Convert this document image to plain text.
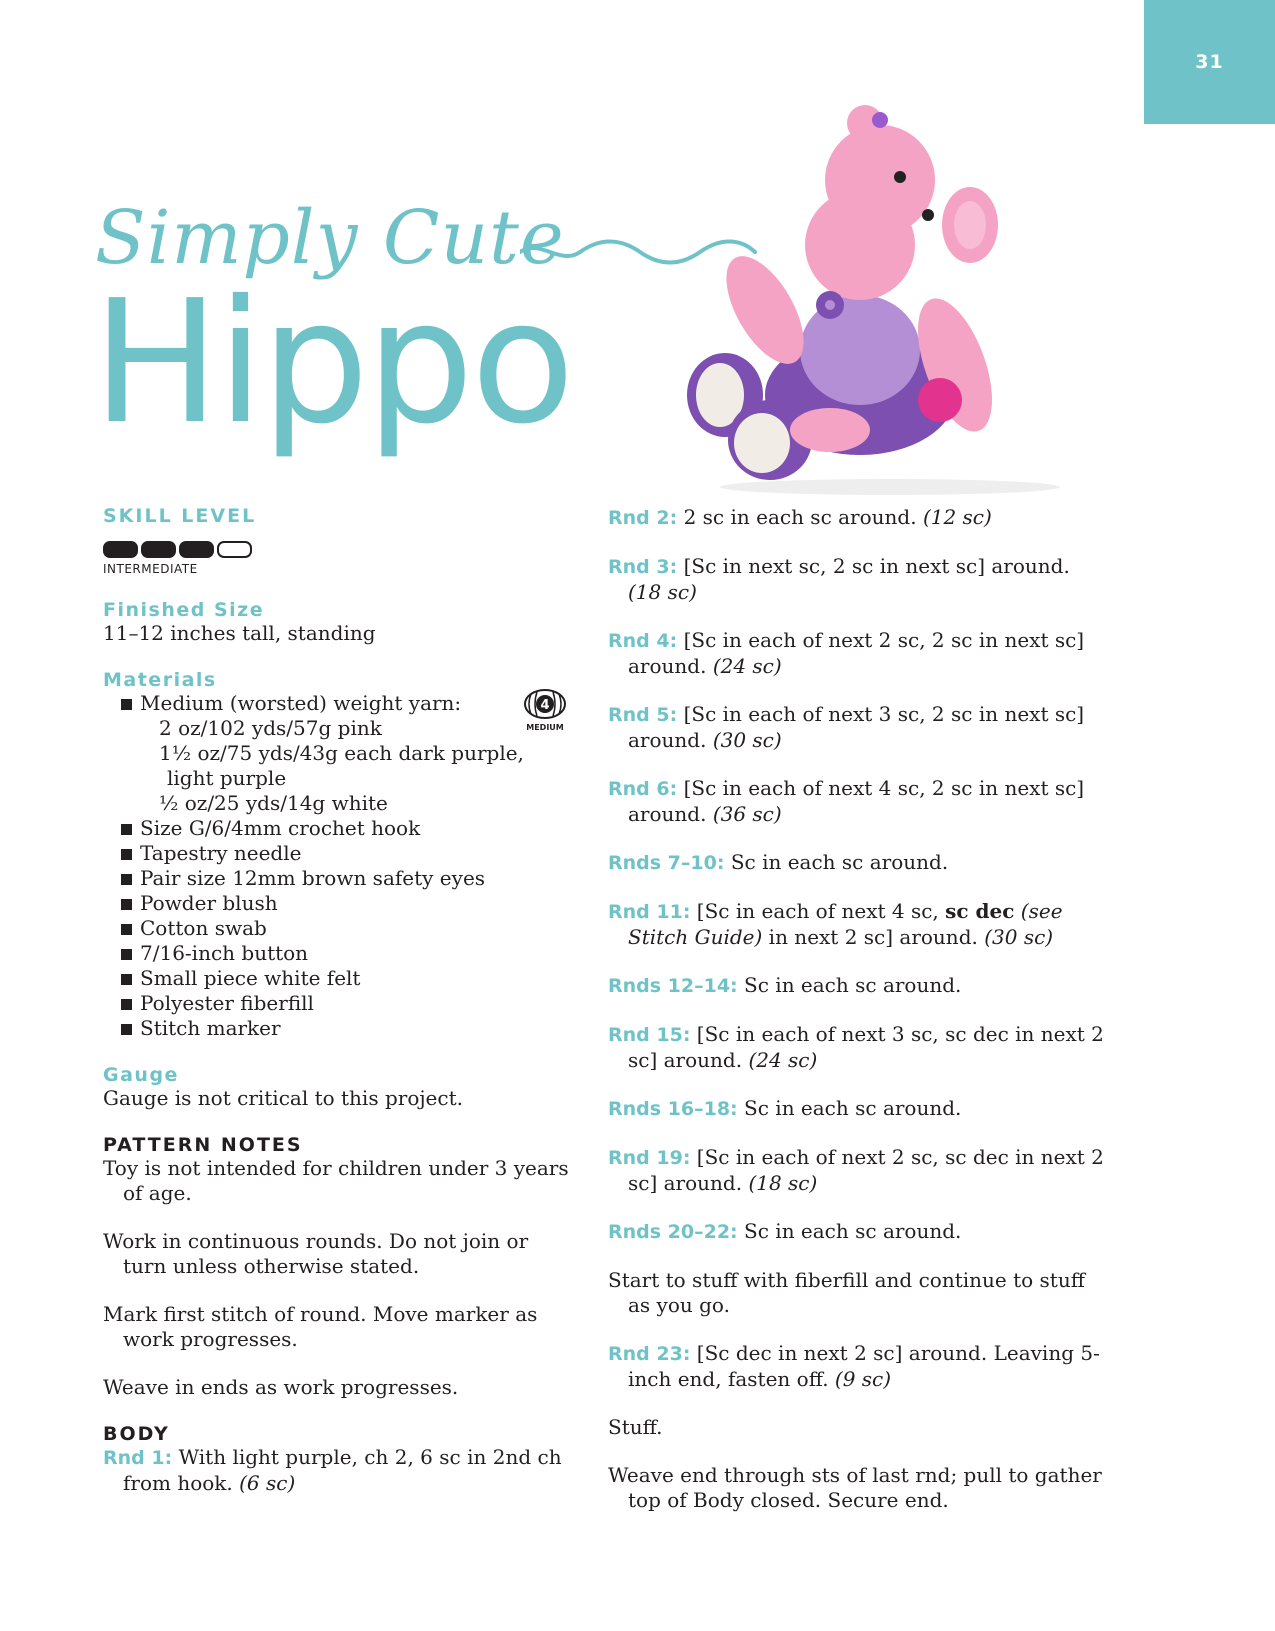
31
Simply Cute
Hippo
SKILL LEVEL
INTERMEDIATE
Finished Size

11–12 inches tall, standing

Materials
4
MEDIUM
Medium (worsted) weight yarn:
2 oz/102 yds/57g pink
1½ oz/75 yds/43g each dark purple,
light purple
½ oz/25 yds/14g white
Size G/6/4mm crochet hook
Tapestry needle
Pair size 12mm brown safety eyes
Powder blush
Cotton swab
7/16-inch button
Small piece white felt
Polyester fiberfill
Stitch marker
Gauge

Gauge is not critical to this project.

PATTERN NOTES

Toy is not intended for children under 3 years of age.

Work in continuous rounds. Do not join or turn unless otherwise stated.

Mark first stitch of round. Move marker as work progresses.

Weave in ends as work progresses.

BODY

Rnd 1: With light purple, ch 2, 6 sc in 2nd ch from hook. (6 sc)

Rnd 2: 2 sc in each sc around. (12 sc)

Rnd 3: [Sc in next sc, 2 sc in next sc] around. (18 sc)

Rnd 4: [Sc in each of next 2 sc, 2 sc in next sc] around. (24 sc)

Rnd 5: [Sc in each of next 3 sc, 2 sc in next sc] around. (30 sc)

Rnd 6: [Sc in each of next 4 sc, 2 sc in next sc] around. (36 sc)

Rnds 7–10: Sc in each sc around.

Rnd 11: [Sc in each of next 4 sc, sc dec (see Stitch Guide) in next 2 sc] around. (30 sc)

Rnds 12–14: Sc in each sc around.

Rnd 15: [Sc in each of next 3 sc, sc dec in next 2 sc] around. (24 sc)

Rnds 16–18: Sc in each sc around.

Rnd 19: [Sc in each of next 2 sc, sc dec in next 2 sc] around. (18 sc)

Rnds 20–22: Sc in each sc around.

Start to stuff with fiberfill and continue to stuff as you go.

Rnd 23: [Sc dec in next 2 sc] around. Leaving 5-inch end, fasten off. (9 sc)

Stuff.

Weave end through sts of last rnd; pull to gather top of Body closed. Secure end.
